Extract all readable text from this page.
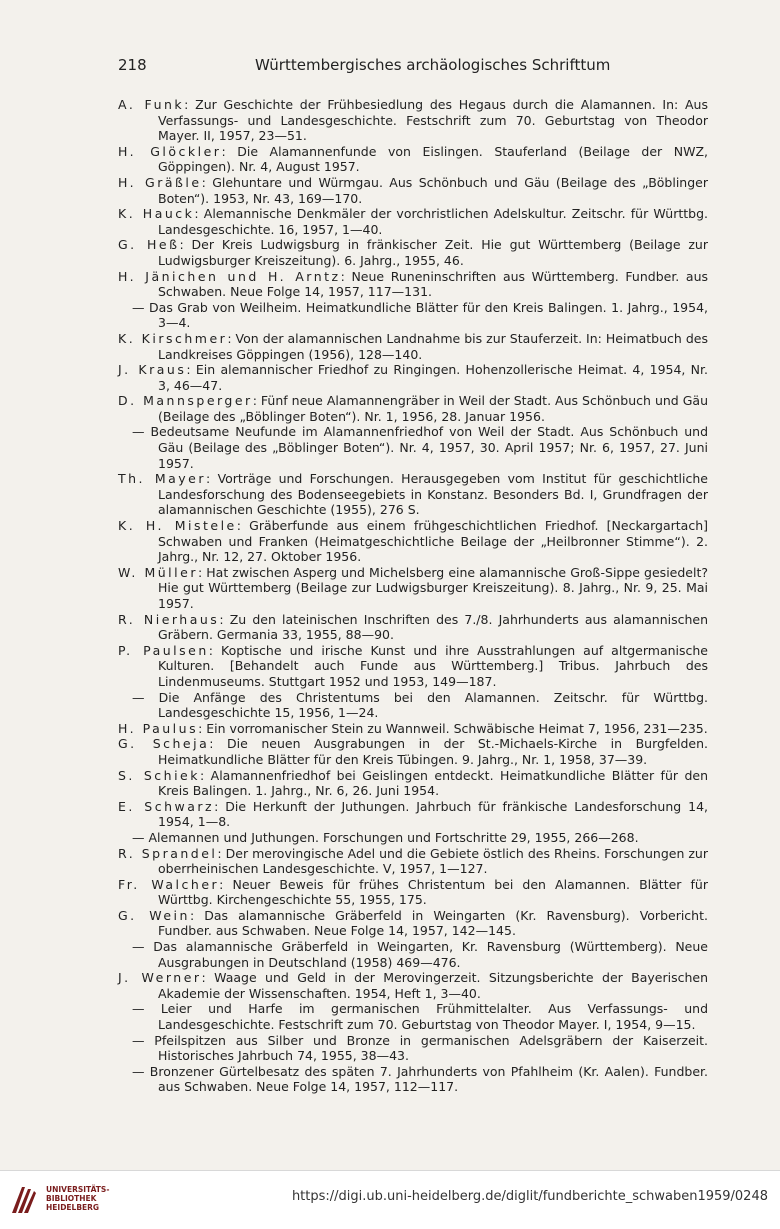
218	Württembergisches archäologisches Schrifttum
A. Funk: Zur Geschichte der Frühbesiedlung des Hegaus durch die Alamannen. In: Aus Verfassungs- und Landesgeschichte. Festschrift zum 70. Geburtstag von Theodor Mayer. II, 1957, 23—51.
H. Glöckler: Die Alamannenfunde von Eislingen. Stauferland (Beilage der NWZ, Göppingen). Nr. 4, August 1957.
H. Gräßle: Glehuntare und Würmgau. Aus Schönbuch und Gäu (Beilage des „Böblinger Boten“). 1953, Nr. 43, 169—170.
K. Hauck: Alemannische Denkmäler der vorchristlichen Adelskultur. Zeitschr. für Württbg. Landesgeschichte. 16, 1957, 1—40.
G. Heß: Der Kreis Ludwigsburg in fränkischer Zeit. Hie gut Württemberg (Beilage zur Ludwigsburger Kreiszeitung). 6. Jahrg., 1955, 46.
H. Jänichen und H. Arntz: Neue Runeninschriften aus Württemberg. Fundber. aus Schwaben. Neue Folge 14, 1957, 117—131.
— Das Grab von Weilheim. Heimatkundliche Blätter für den Kreis Balingen. 1. Jahrg., 1954, 3—4.
K. Kirschmer: Von der alamannischen Landnahme bis zur Stauferzeit. In: Heimatbuch des Landkreises Göppingen (1956), 128—140.
J. Kraus: Ein alemannischer Friedhof zu Ringingen. Hohenzollerische Heimat. 4, 1954, Nr. 3, 46—47.
D. Mannsperger: Fünf neue Alamannengräber in Weil der Stadt. Aus Schönbuch und Gäu (Beilage des „Böblinger Boten“). Nr. 1, 1956, 28. Januar 1956.
— Bedeutsame Neufunde im Alamannenfriedhof von Weil der Stadt. Aus Schönbuch und Gäu (Beilage des „Böblinger Boten“). Nr. 4, 1957, 30. April 1957; Nr. 6, 1957, 27. Juni 1957.
Th. Mayer: Vorträge und Forschungen. Herausgegeben vom Institut für geschichtliche Landesforschung des Bodenseegebiets in Konstanz. Besonders Bd. I, Grundfragen der alamannischen Geschichte (1955), 276 S.
K. H. Mistele: Gräberfunde aus einem frühgeschichtlichen Friedhof. [Neckargartach] Schwaben und Franken (Heimatgeschichtliche Beilage der „Heilbronner Stimme“). 2. Jahrg., Nr. 12, 27. Oktober 1956.
W. Müller: Hat zwischen Asperg und Michelsberg eine alamannische Groß-Sippe gesiedelt? Hie gut Württemberg (Beilage zur Ludwigsburger Kreiszeitung). 8. Jahrg., Nr. 9, 25. Mai 1957.
R. Nierhaus: Zu den lateinischen Inschriften des 7./8. Jahrhunderts aus alamannischen Gräbern. Germania 33, 1955, 88—90.
P. Paulsen: Koptische und irische Kunst und ihre Ausstrahlungen auf altgermanische Kulturen. [Behandelt auch Funde aus Württemberg.] Tribus. Jahrbuch des Lindenmuseums. Stuttgart 1952 und 1953, 149—187.
— Die Anfänge des Christentums bei den Alamannen. Zeitschr. für Württbg. Landesgeschichte 15, 1956, 1—24.
H. Paulus: Ein vorromanischer Stein zu Wannweil. Schwäbische Heimat 7, 1956, 231—235.
G. Scheja: Die neuen Ausgrabungen in der St.-Michaels-Kirche in Burgfelden. Heimatkundliche Blätter für den Kreis Tübingen. 9. Jahrg., Nr. 1, 1958, 37—39.
S. Schiek: Alamannenfriedhof bei Geislingen entdeckt. Heimatkundliche Blätter für den Kreis Balingen. 1. Jahrg., Nr. 6, 26. Juni 1954.
E. Schwarz: Die Herkunft der Juthungen. Jahrbuch für fränkische Landesforschung 14, 1954, 1—8.
— Alemannen und Juthungen. Forschungen und Fortschritte 29, 1955, 266—268.
R. Sprandel: Der merovingische Adel und die Gebiete östlich des Rheins. Forschungen zur oberrheinischen Landesgeschichte. V, 1957, 1—127.
Fr. Walcher: Neuer Beweis für frühes Christentum bei den Alamannen. Blätter für Württbg. Kirchengeschichte 55, 1955, 175.
G. Wein: Das alamannische Gräberfeld in Weingarten (Kr. Ravensburg). Vorbericht. Fundber. aus Schwaben. Neue Folge 14, 1957, 142—145.
— Das alamannische Gräberfeld in Weingarten, Kr. Ravensburg (Württemberg). Neue Ausgrabungen in Deutschland (1958) 469—476.
J. Werner: Waage und Geld in der Merovingerzeit. Sitzungsberichte der Bayerischen Akademie der Wissenschaften. 1954, Heft 1, 3—40.
— Leier und Harfe im germanischen Frühmittelalter. Aus Verfassungs- und Landesgeschichte. Festschrift zum 70. Geburtstag von Theodor Mayer. I, 1954, 9—15.
— Pfeilspitzen aus Silber und Bronze in germanischen Adelsgräbern der Kaiserzeit. Historisches Jahrbuch 74, 1955, 38—43.
— Bronzener Gürtelbesatz des späten 7. Jahrhunderts von Pfahlheim (Kr. Aalen). Fundber. aus Schwaben. Neue Folge 14, 1957, 112—117.
UNIVERSITÄTS-
BIBLIOTHEK
HEIDELBERG
https://digi.ub.uni-heidelberg.de/diglit/fundberichte_schwaben1959/0248
